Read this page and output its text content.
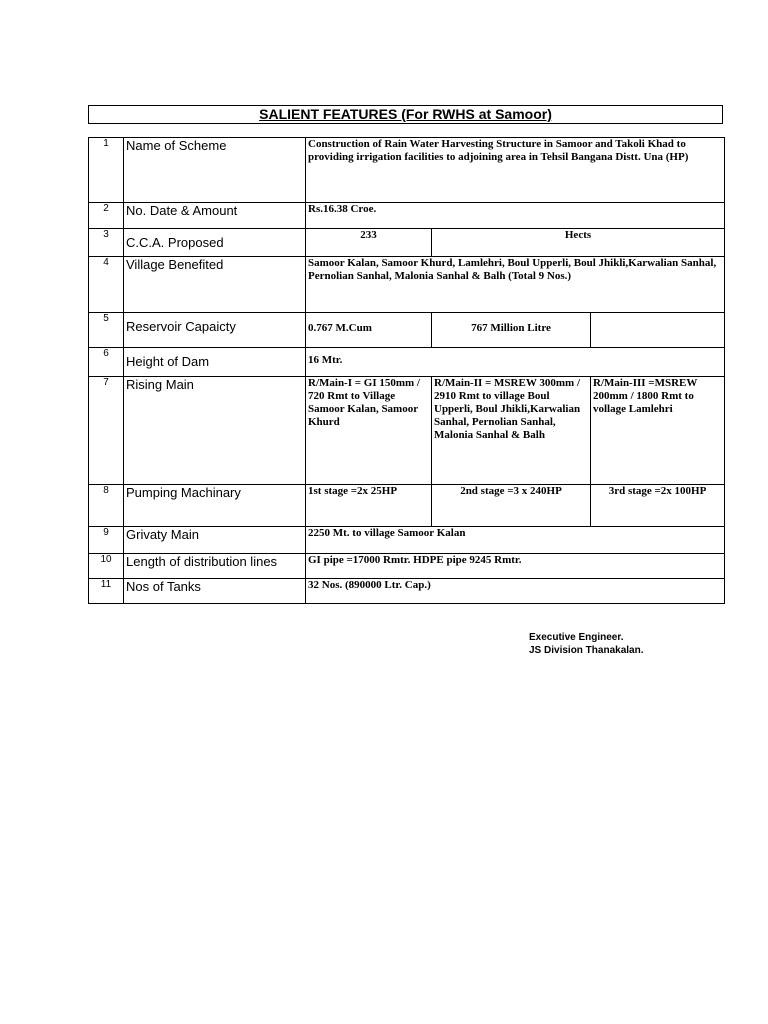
SALIENT FEATURES (For RWHS at Samoor)
1	Name of Scheme	Construction of Rain Water Harvesting Structure in Samoor and Takoli Khad to providing irrigation facilities to adjoining area in Tehsil Bangana Distt. Una (HP)		
2	No. Date & Amount	Rs.16.38 Croe.		
3	C.C.A. Proposed	233	Hects	
4	Village Benefited	Samoor Kalan, Samoor Khurd, Lamlehri, Boul Upperli, Boul Jhikli,Karwalian Sanhal, Pernolian Sanhal, Malonia Sanhal & Balh (Total 9 Nos.)		
5	Reservoir Capaicty	0.767 M.Cum	767 Million Litre	
6	Height of Dam	16 Mtr.		
7	Rising Main	R/Main-I = GI 150mm / 720 Rmt to Village Samoor Kalan, Samoor Khurd	R/Main-II = MSREW 300mm / 2910 Rmt to village Boul Upperli, Boul Jhikli,Karwalian Sanhal, Pernolian Sanhal, Malonia Sanhal & Balh	R/Main-III =MSREW 200mm / 1800 Rmt to vollage Lamlehri
8	Pumping Machinary	1st stage =2x 25HP	2nd stage =3 x 240HP	3rd stage =2x 100HP
9	Grivaty Main	2250 Mt. to village Samoor Kalan		
10	Length of distribution lines	GI pipe =17000 Rmtr. HDPE pipe 9245 Rmtr.		
11	Nos of Tanks	32 Nos. (890000 Ltr. Cap.)		
Executive Engineer.
JS Division Thanakalan.
